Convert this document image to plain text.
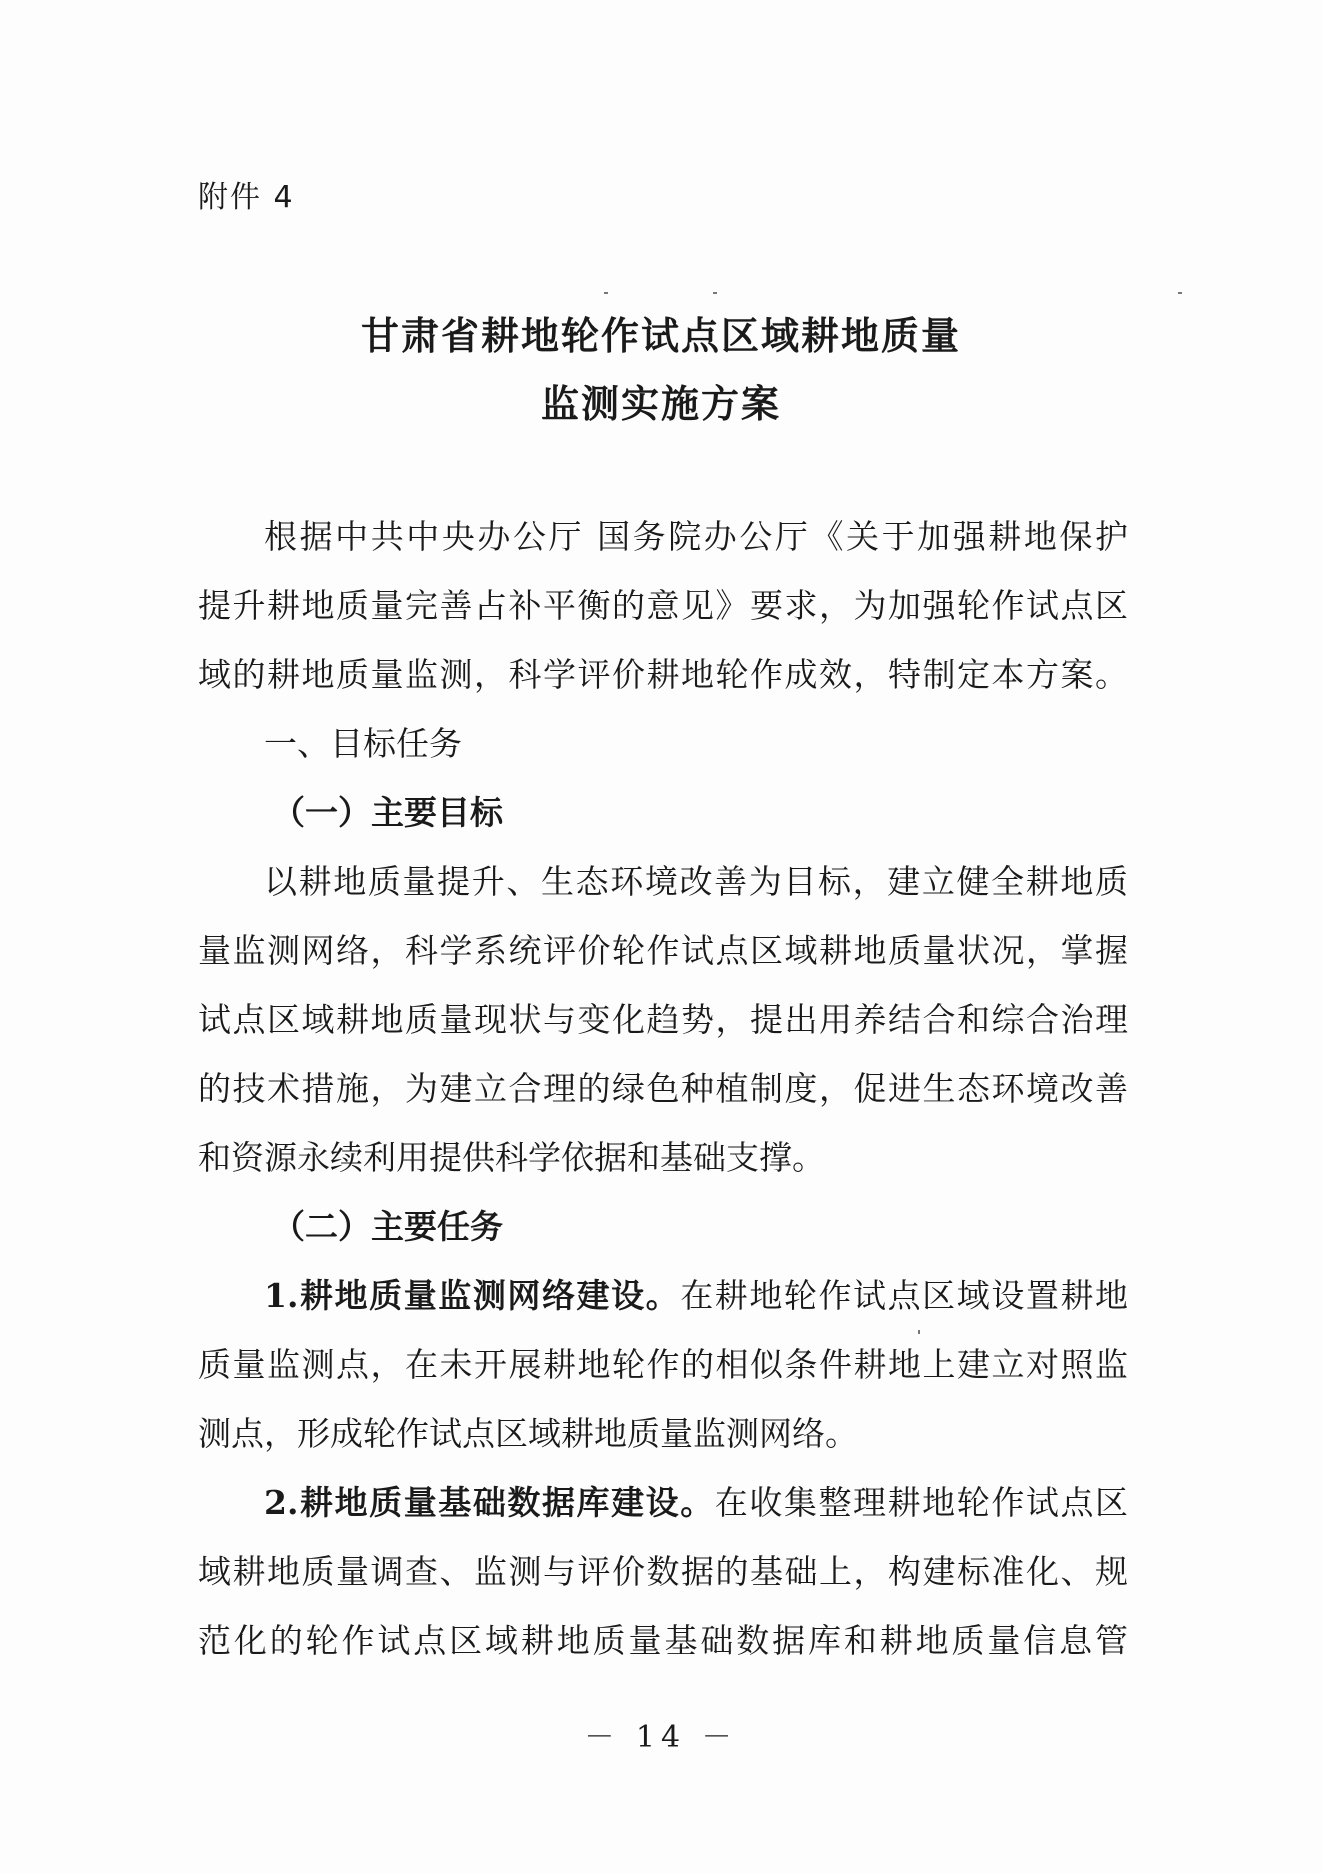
附件 4
甘肃省耕地轮作试点区域耕地质量
监测实施方案
根据中共中央办公厅 国务院办公厅《关于加强耕地保护
提升耕地质量完善占补平衡的意见》要求，为加强轮作试点区
域的耕地质量监测，科学评价耕地轮作成效，特制定本方案。
一、目标任务
（一）主要目标
以耕地质量提升、生态环境改善为目标，建立健全耕地质
量监测网络，科学系统评价轮作试点区域耕地质量状况，掌握
试点区域耕地质量现状与变化趋势，提出用养结合和综合治理
的技术措施，为建立合理的绿色种植制度，促进生态环境改善
和资源永续利用提供科学依据和基础支撑。
（二）主要任务
1.耕地质量监测网络建设。在耕地轮作试点区域设置耕地
质量监测点，在未开展耕地轮作的相似条件耕地上建立对照监
测点，形成轮作试点区域耕地质量监测网络。
2.耕地质量基础数据库建设。在收集整理耕地轮作试点区
域耕地质量调查、监测与评价数据的基础上，构建标准化、规
范化的轮作试点区域耕地质量基础数据库和耕地质量信息管
－ 14 －
